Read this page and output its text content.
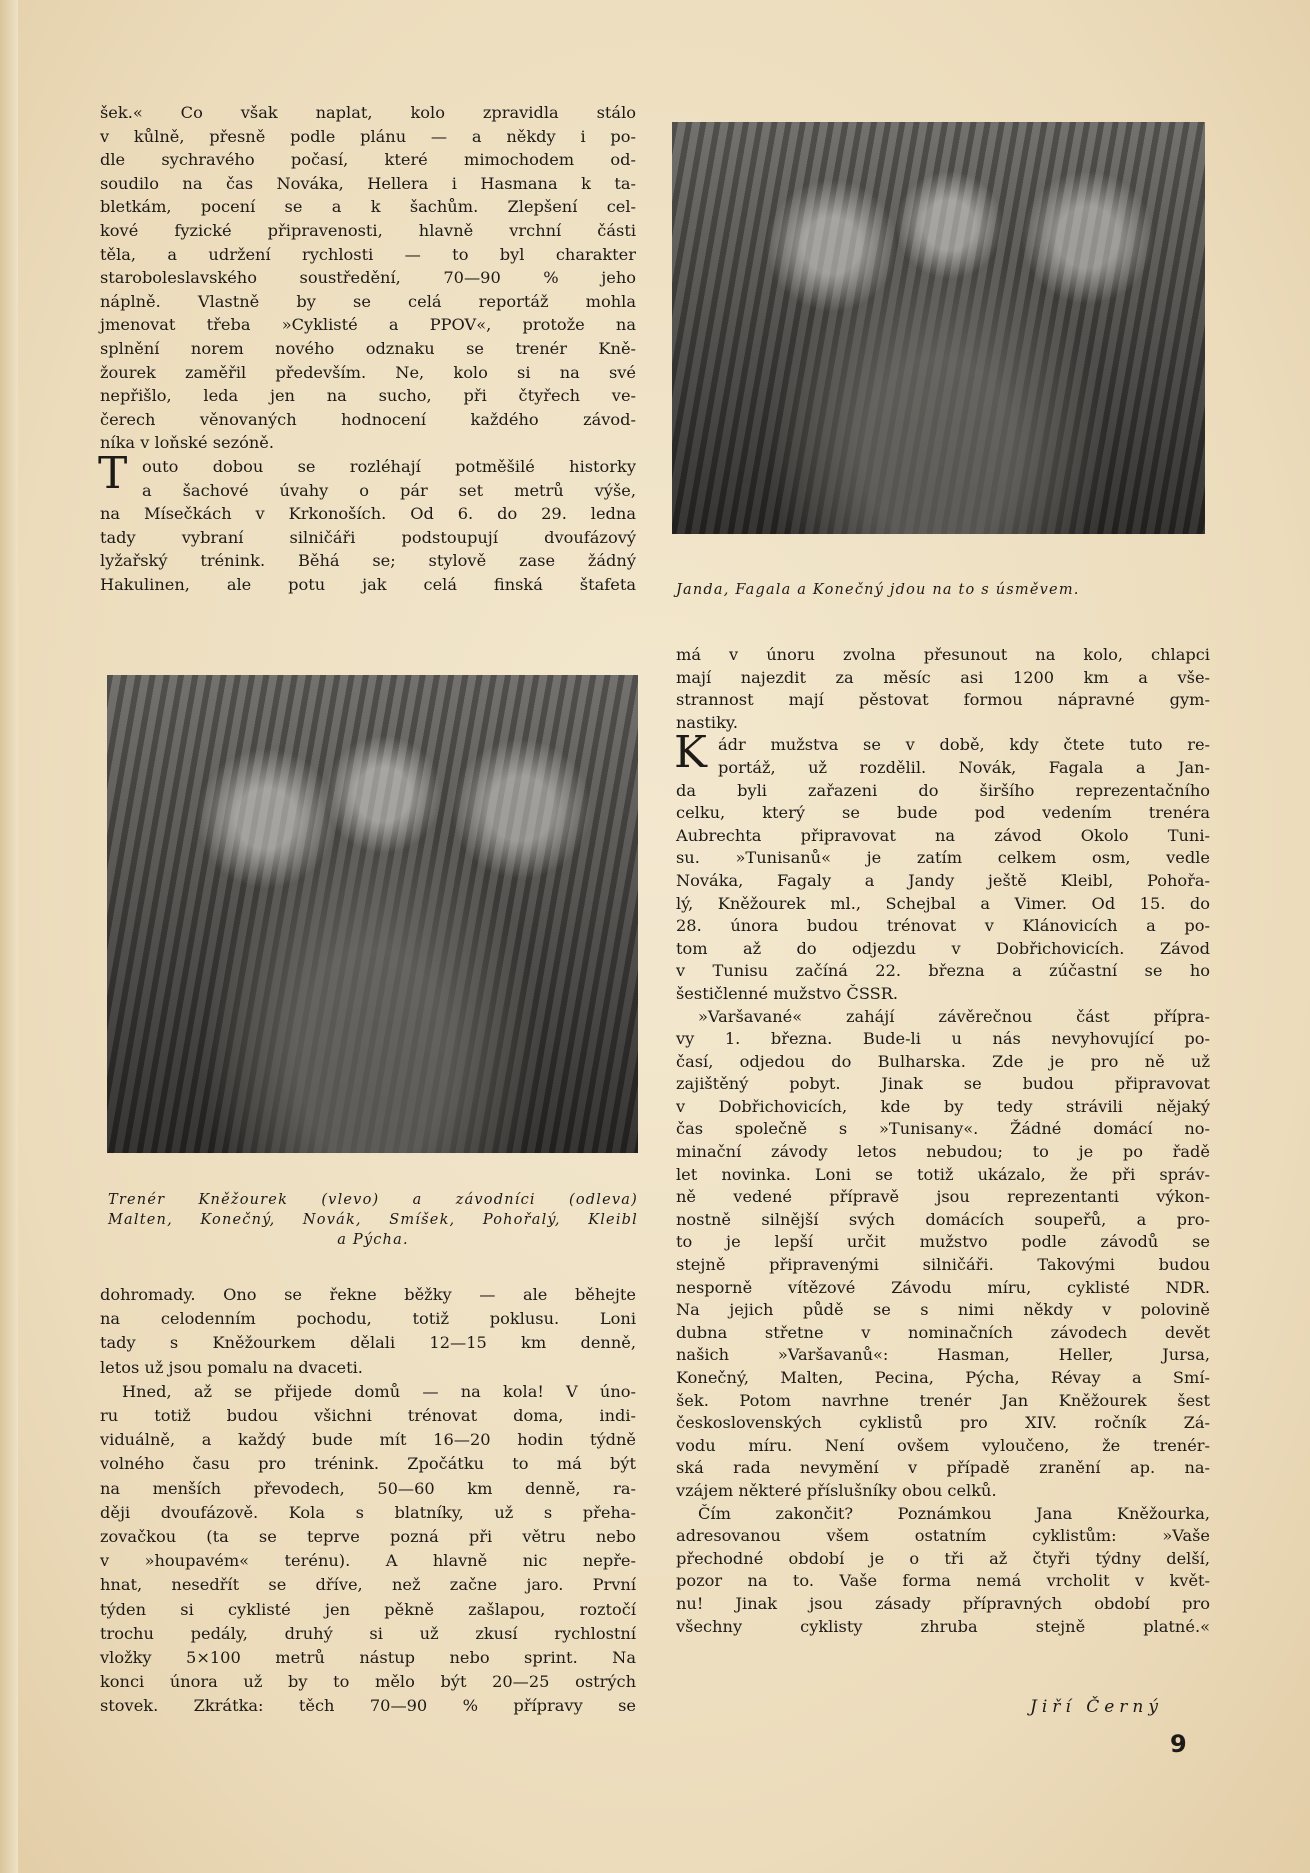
šek.« Co však naplat, kolo zpravidla stálo
v kůlně, přesně podle plánu — a někdy i po-
dle sychravého počasí, které mimochodem od-
soudilo na čas Nováka, Hellera i Hasmana k ta-
bletkám, pocení se a k šachům. Zlepšení cel-
kové fyzické připravenosti, hlavně vrchní části
těla, a udržení rychlosti — to byl charakter
staroboleslavského soustředění, 70—90 % jeho
náplně. Vlastně by se celá reportáž mohla
jmenovat třeba »Cyklisté a PPOV«, protože na
splnění norem nového odznaku se trenér Kně-
žourek zaměřil především. Ne, kolo si na své
nepřišlo, leda jen na sucho, při čtyřech ve-
čerech věnovaných hodnocení každého závod-
níka v loňské sezóně.
T outo dobou se rozléhají potměšilé historky
a šachové úvahy o pár set metrů výše,
na Mísečkách v Krkonoších. Od 6. do 29. ledna
tady vybraní silničáři podstoupují dvoufázový
lyžařský trénink. Běhá se; stylově zase žádný
Hakulinen, ale potu jak celá finská štafeta	Janda, Fagala a Konečný jdou na to s úsměvem.
má v únoru zvolna přesunout na kolo, chlapci
mají najezdit za měsíc asi 1200 km a vše-
strannost mají pěstovat formou nápravné gym-
nastiky.
K ádr mužstva se v době, kdy čtete tuto re-
portáž, už rozdělil. Novák, Fagala a Jan-
da byli zařazeni do širšího reprezentačního
celku, který se bude pod vedením trenéra
Aubrechta připravovat na závod Okolo Tuni-
su. »Tunisanů« je zatím celkem osm, vedle
Nováka, Fagaly a Jandy ještě Kleibl, Pohořa-
lý, Kněžourek ml., Schejbal a Vimer. Od 15. do
28. února budou trénovat v Klánovicích a po-
tom až do odjezdu v Dobřichovicích. Závod
v Tunisu začíná 22. března a zúčastní se ho
šestičlenné mužstvo ČSSR.
»Varšavané« zahájí závěrečnou část přípra-
vy 1. března. Bude-li u nás nevyhovující po-
časí, odjedou do Bulharska. Zde je pro ně už
zajištěný pobyt. Jinak se budou připravovat
v Dobřichovicích, kde by tedy strávili nějaký
čas společně s »Tunisany«. Žádné domácí no-
minační závody letos nebudou; to je po řadě
let novinka. Loni se totiž ukázalo, že při správ-
ně vedené přípravě jsou reprezentanti výkon-
nostně silnější svých domácích soupeřů, a pro-
to je lepší určit mužstvo podle závodů se
stejně připravenými silničáři. Takovými budou
nesporně vítězové Závodu míru, cyklisté NDR.
Na jejich půdě se s nimi někdy v polovině
dubna střetne v nominačních závodech devět
našich »Varšavanů«: Hasman, Heller, Jursa,
Konečný, Malten, Pecina, Pýcha, Révay a Smí-
šek. Potom navrhne trenér Jan Kněžourek šest
československých cyklistů pro XIV. ročník Zá-
vodu míru. Není ovšem vyloučeno, že trenér-
ská rada nevymění v případě zranění ap. na-
vzájem některé příslušníky obou celků.
Čím zakončit? Poznámkou Jana Kněžourka,
adresovanou všem ostatním cyklistům: »Vaše
přechodné období je o tři až čtyři týdny delší,
pozor na to. Vaše forma nemá vrcholit v květ-
nu! Jinak jsou zásady přípravných období pro
všechny cyklisty zhruba stejně platné.«
Trenér Kněžourek (vlevo) a závodníci (odleva)
Malten, Konečný, Novák, Smíšek, Pohořalý, Kleibl
a Pýcha.
dohromady. Ono se řekne běžky — ale běhejte
na celodenním pochodu, totiž poklusu. Loni
tady s Kněžourkem dělali 12—15 km denně,
letos už jsou pomalu na dvaceti.
Hned, až se přijede domů — na kola! V úno-
ru totiž budou všichni trénovat doma, indi-
viduálně, a každý bude mít 16—20 hodin týdně
volného času pro trénink. Zpočátku to má být
na menších převodech, 50—60 km denně, ra-
ději dvoufázově. Kola s blatníky, už s přeha-
zovačkou (ta se teprve pozná při větru nebo
v »houpavém« terénu). A hlavně nic nepře-
hnat, nesedřít se dříve, než začne jaro. První
týden si cyklisté jen pěkně zašlapou, roztočí
trochu pedály, druhý si už zkusí rychlostní
vložky 5×100 metrů nástup nebo sprint. Na
konci února už by to mělo být 20—25 ostrých
stovek. Zkrátka: těch 70—90 % přípravy se	Jiří Černý
9
